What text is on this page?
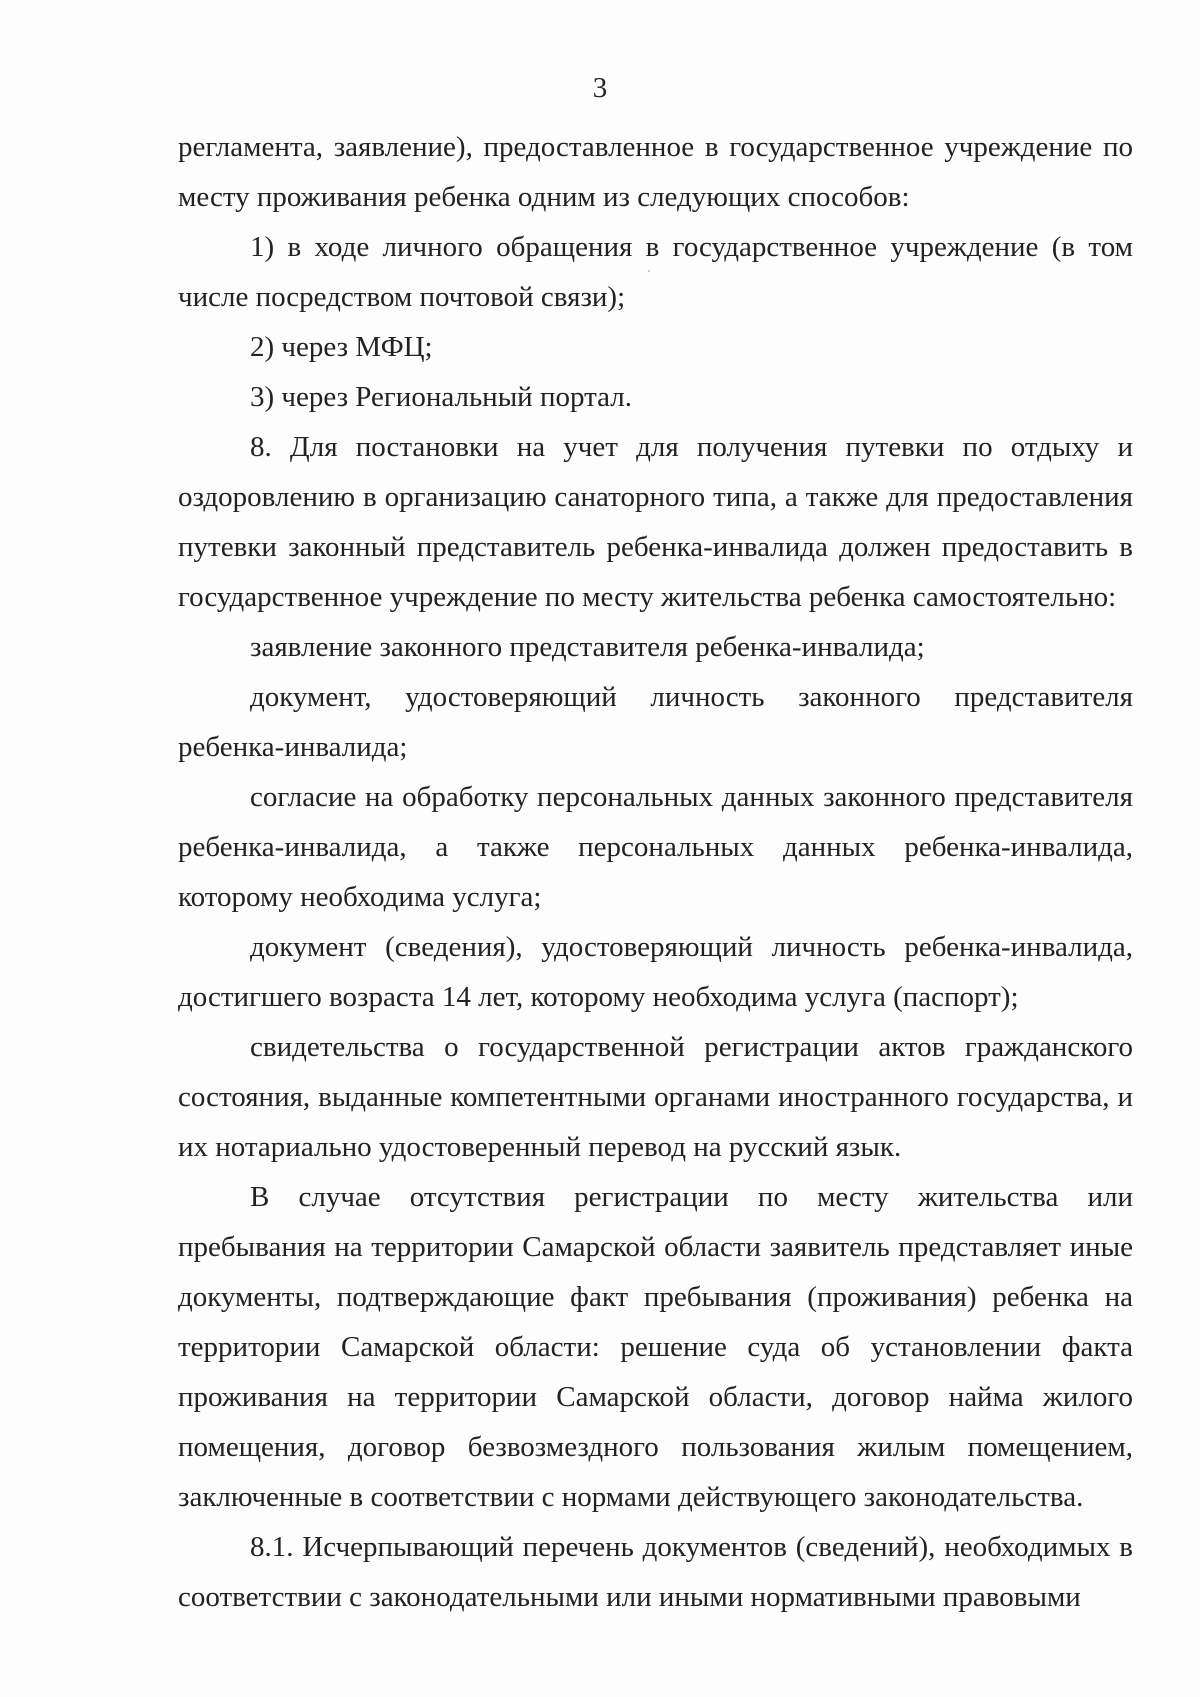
3

регламента, заявление), предоставленное в государственное учреждение по месту проживания ребенка одним из следующих способов:

1) в ходе личного обращения в государственное учреждение (в том числе посредством почтовой связи);

2) через МФЦ;

3) через Региональный портал.

8. Для постановки на учет для получения путевки по отдыху и оздоровлению в организацию санаторного типа, а также для предоставления путевки законный представитель ребенка-инвалида должен предоставить в государственное учреждение по месту жительства ребенка самостоятельно:

заявление законного представителя ребенка-инвалида;

документ, удостоверяющий личность законного представителя ребенка-инвалида;

согласие на обработку персональных данных законного представителя ребенка-инвалида, а также персональных данных ребенка-инвалида, которому необходима услуга;

документ (сведения), удостоверяющий личность ребенка-инвалида, достигшего возраста 14 лет, которому необходима услуга (паспорт);

свидетельства о государственной регистрации актов гражданского состояния, выданные компетентными органами иностранного государства, и их нотариально удостоверенный перевод на русский язык.

В случае отсутствия регистрации по месту жительства или пребывания на территории Самарской области заявитель представляет иные документы, подтверждающие факт пребывания (проживания) ребенка на территории Самарской области: решение суда об установлении факта проживания на территории Самарской области, договор найма жилого помещения, договор безвозмездного пользования жилым помещением, заключенные в соответствии с нормами действующего законодательства.

8.1. Исчерпывающий перечень документов (сведений), необходимых в соответствии с законодательными или иными нормативными правовыми
